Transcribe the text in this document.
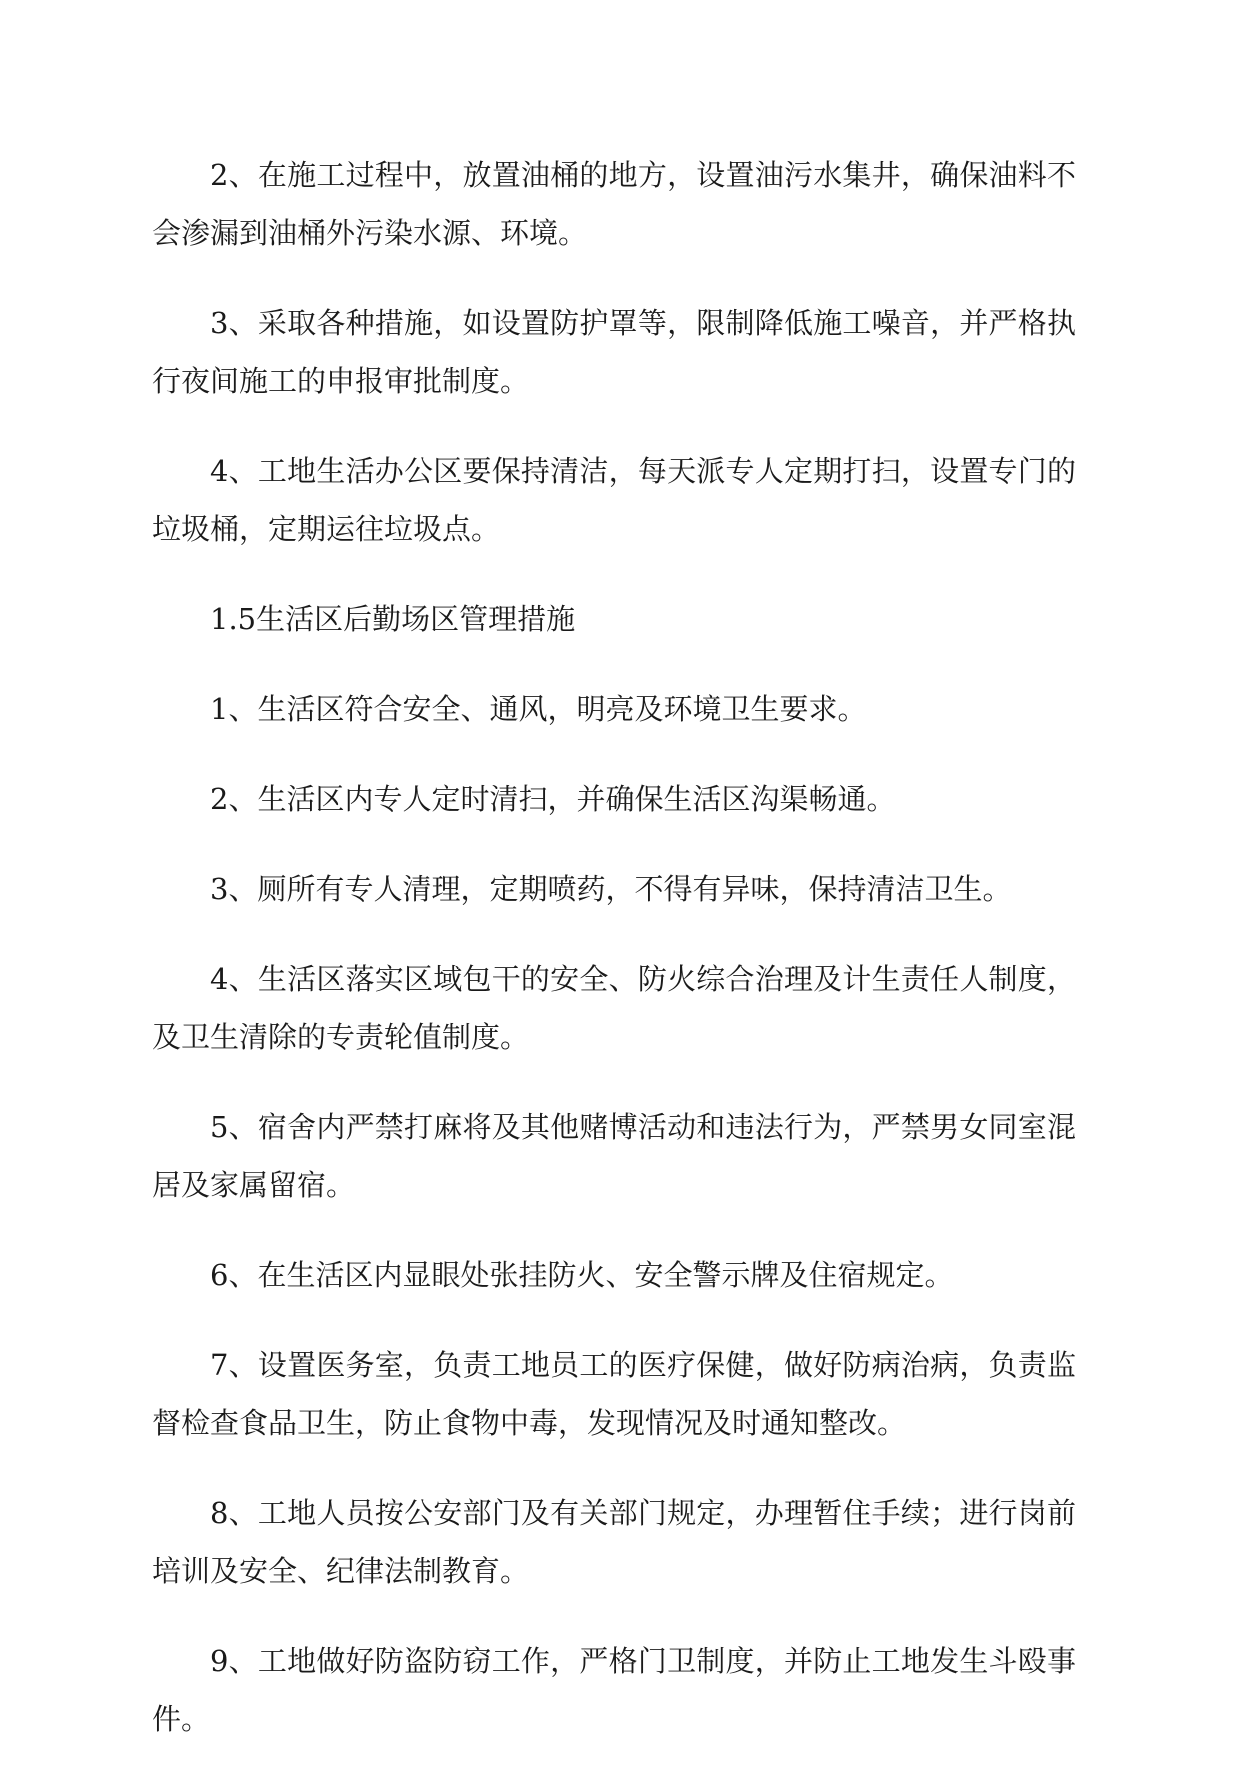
2、在施工过程中，放置油桶的地方，设置油污水集井，确保油料不会渗漏到油桶外污染水源、环境。

3、采取各种措施，如设置防护罩等，限制降低施工噪音，并严格执行夜间施工的申报审批制度。

4、工地生活办公区要保持清洁，每天派专人定期打扫，设置专门的垃圾桶，定期运往垃圾点。

1.5生活区后勤场区管理措施

1、生活区符合安全、通风，明亮及环境卫生要求。

2、生活区内专人定时清扫，并确保生活区沟渠畅通。

3、厕所有专人清理，定期喷药，不得有异味，保持清洁卫生。

4、生活区落实区域包干的安全、防火综合治理及计生责任人制度，及卫生清除的专责轮值制度。

5、宿舍内严禁打麻将及其他赌博活动和违法行为，严禁男女同室混居及家属留宿。

6、在生活区内显眼处张挂防火、安全警示牌及住宿规定。

7、设置医务室，负责工地员工的医疗保健，做好防病治病，负责监督检查食品卫生，防止食物中毒，发现情况及时通知整改。

8、工地人员按公安部门及有关部门规定，办理暂住手续；进行岗前培训及安全、纪律法制教育。

9、工地做好防盗防窃工作，严格门卫制度，并防止工地发生斗殴事件。
